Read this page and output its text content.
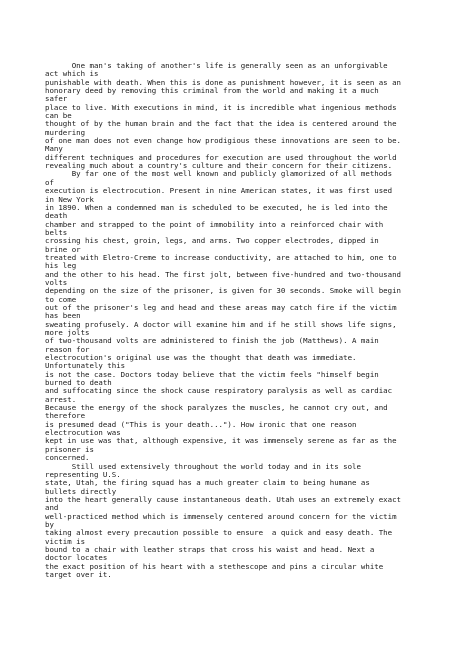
One man's taking of another's life is generally seen as an unforgivable
act which is
punishable with death. When this is done as punishment however, it is seen as an
honorary deed by removing this criminal from the world and making it a much
safer
place to live. With executions in mind, it is incredible what ingenious methods
can be
thought of by the human brain and the fact that the idea is centered around the
murdering
of one man does not even change how prodigious these innovations are seen to be.
Many
different techniques and procedures for execution are used throughout the world
revealing much about a country's culture and their concern for their citizens.
By far one of the most well known and publicly glamorized of all methods
of
execution is electrocution. Present in nine American states, it was first used
in New York
in 1890. When a condemned man is scheduled to be executed, he is led into the
death
chamber and strapped to the point of immobility into a reinforced chair with
belts
crossing his chest, groin, legs, and arms. Two copper electrodes, dipped in
brine or
treated with Eletro-Creme to increase conductivity, are attached to him, one to
his leg
and the other to his head. The first jolt, between five-hundred and two-thousand
volts
depending on the size of the prisoner, is given for 30 seconds. Smoke will begin
to come
out of the prisoner's leg and head and these areas may catch fire if the victim
has been
sweating profusely. A doctor will examine him and if he still shows life signs,
more jolts
of two-thousand volts are administered to finish the job (Matthews). A main
reason for
electrocution's original use was the thought that death was immediate.
Unfortunately this
is not the case. Doctors today believe that the victim feels "himself begin
burned to death
and suffocating since the shock cause respiratory paralysis as well as cardiac
arrest.
Because the energy of the shock paralyzes the muscles, he cannot cry out, and
therefore
is presumed dead ("This is your death..."). How ironic that one reason
electrocution was
kept in use was that, although expensive, it was immensely serene as far as the
prisoner is
concerned.
Still used extensively throughout the world today and in its sole
representing U.S.
state, Utah, the firing squad has a much greater claim to being humane as
bullets directly
into the heart generally cause instantaneous death. Utah uses an extremely exact
and
well-practiced method which is immensely centered around concern for the victim
by
taking almost every precaution possible to ensure  a quick and easy death. The
victim is
bound to a chair with leather straps that cross his waist and head. Next a
doctor locates
the exact position of his heart with a stethescope and pins a circular white
target over it.
